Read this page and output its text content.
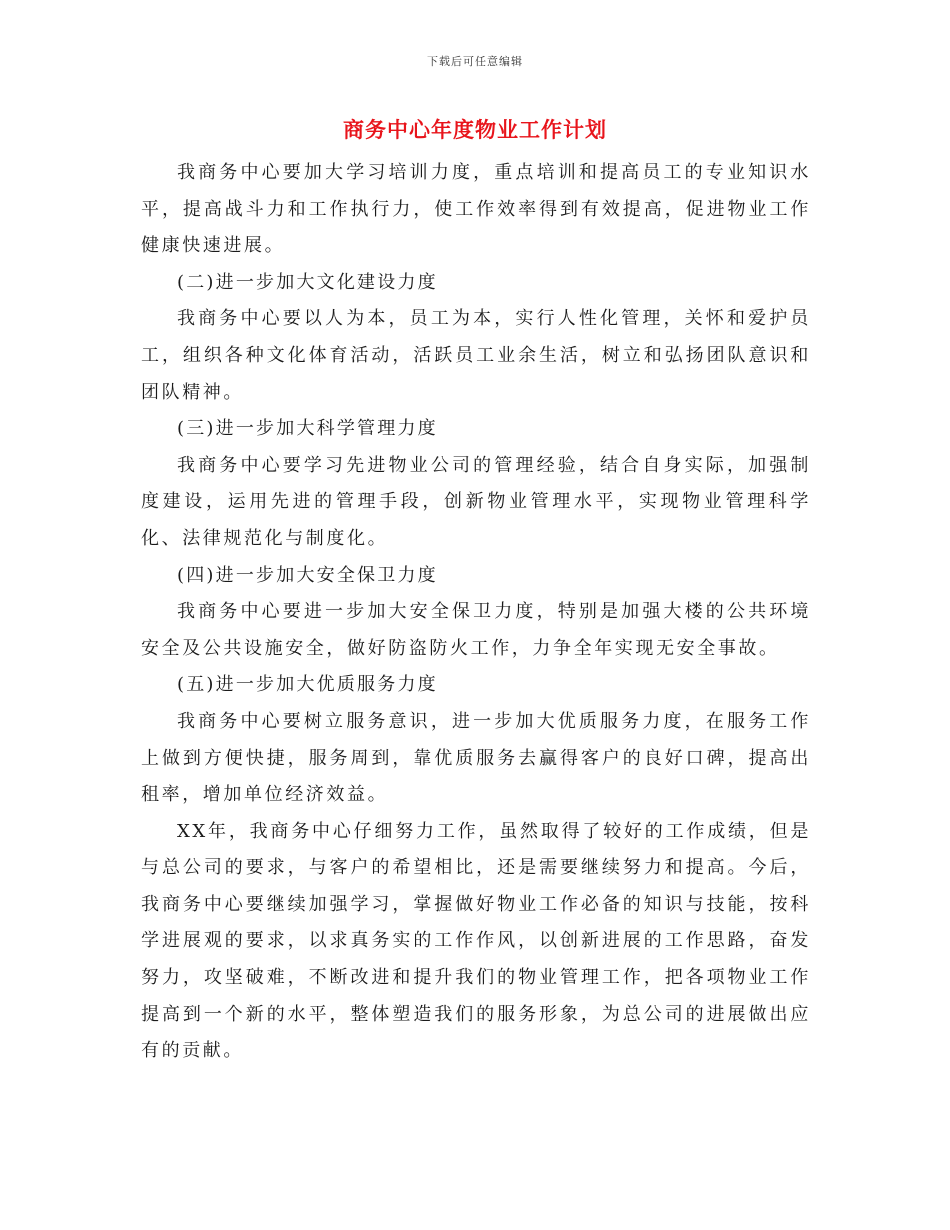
下载后可任意编辑
商务中心年度物业工作计划

我商务中心要加大学习培训力度，重点培训和提高员工的专业知识水平，提高战斗力和工作执行力，使工作效率得到有效提高，促进物业工作健康快速进展。

(二)进一步加大文化建设力度

我商务中心要以人为本，员工为本，实行人性化管理，关怀和爱护员工，组织各种文化体育活动，活跃员工业余生活，树立和弘扬团队意识和团队精神。

(三)进一步加大科学管理力度

我商务中心要学习先进物业公司的管理经验，结合自身实际，加强制度建设，运用先进的管理手段，创新物业管理水平，实现物业管理科学化、法律规范化与制度化。

(四)进一步加大安全保卫力度

我商务中心要进一步加大安全保卫力度，特别是加强大楼的公共环境安全及公共设施安全，做好防盗防火工作，力争全年实现无安全事故。

(五)进一步加大优质服务力度

我商务中心要树立服务意识，进一步加大优质服务力度，在服务工作上做到方便快捷，服务周到，靠优质服务去赢得客户的良好口碑，提高出租率，增加单位经济效益。

XX年，我商务中心仔细努力工作，虽然取得了较好的工作成绩，但是与总公司的要求，与客户的希望相比，还是需要继续努力和提高。今后，我商务中心要继续加强学习，掌握做好物业工作必备的知识与技能，按科学进展观的要求，以求真务实的工作作风，以创新进展的工作思路，奋发努力，攻坚破难，不断改进和提升我们的物业管理工作，把各项物业工作提高到一个新的水平，整体塑造我们的服务形象，为总公司的进展做出应有的贡献。
